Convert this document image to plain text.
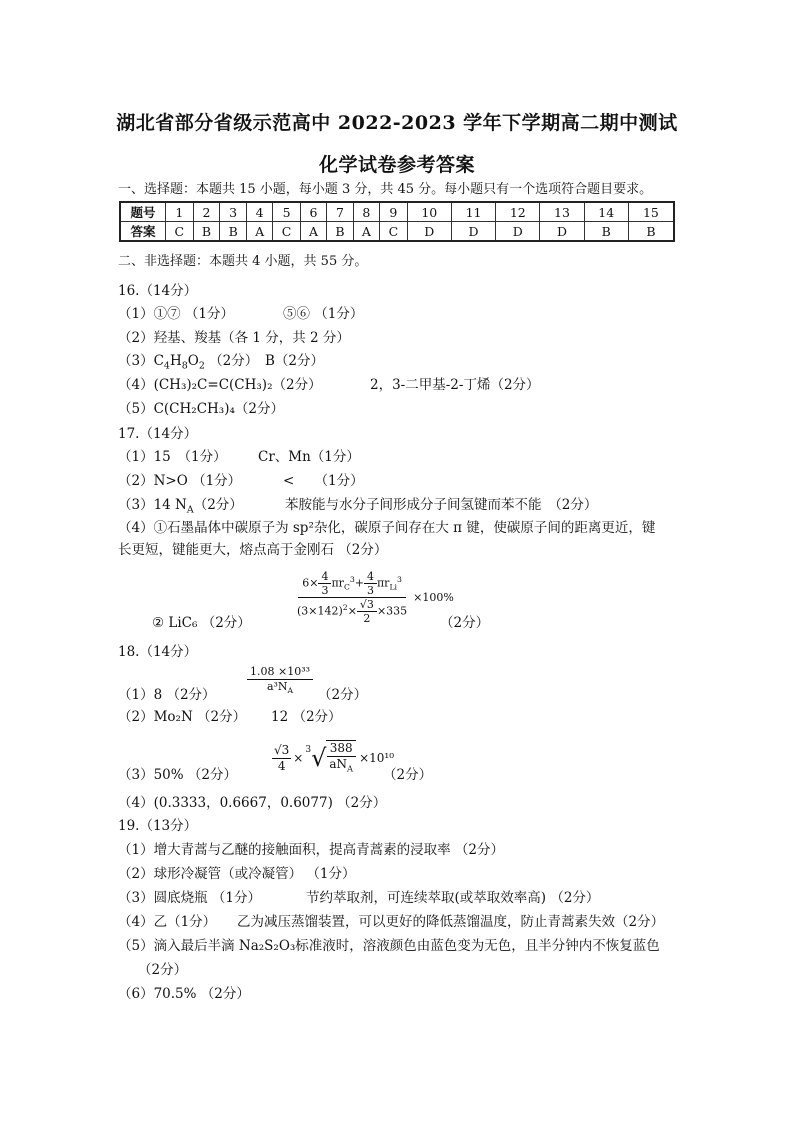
湖北省部分省级示范高中 2022-2023 学年下学期高二期中测试
化学试卷参考答案
一、选择题：本题共 15 小题，每小题 3 分，共 45 分。每小题只有一个选项符合题目要求。
题号	1	2	3	4	5	6	7	8	9	10	11	12	13	14	15
答案	C	B	B	A	C	A	B	A	C	D	D	D	D	B	B
二、非选择题：本题共 4 小题，共 55 分。
16.（14分）
（1）①⑦ （1分）	⑤⑥ （1分）
（2）羟基、羧基（各 1 分，共 2 分）
$(3)C_4H_8O_2$ （2分）　B（2分）
（4）(CH₃)₂C=C(CH₃)₂（2分）	2，3-二甲基-2-丁烯（2分）
（5）C(CH₂CH₃)₄（2分）
17.（14分）
（1）15　（1分） Cr、Mn（1分）
（2）N>O （1分）	<　　（1分）
（3）14 $N_A(2$分）	苯胺能与水分子间形成分子间氢键而苯不能　（2分）
（4）①石墨晶体中碳原子为 sp²杂化，碳原子间存在大 π 键，使碳原子间的距离更近，键
长更短，键能更大，熔点高于金刚石 （2分）
$6\times \frac{4}{3} \pi r_C^3+ \frac{4}{3} \pi r_{Li}^3$
$(3\times 142)^2\times \frac{√3}{2} \times 335$
×100%
② LiC₆ （2分）	（2分）
18.（14分）
（1）8 （2分）	$\frac{\text{1.08 ×10³³}}{a^3N_A} (2$分）
（2）Mo₂N （2分） 12 （2分）
（3）50% （2分）
$\frac{√3}{4}$ ×
3 √ 388
$aN_A$
×10¹⁰
（2分）
（4）(0.3333，0.6667，0.6077) （2分）
19.（13分）
（1）增大青蒿与乙醚的接触面积，提高青蒿素的浸取率 （2分）
（2）球形冷凝管（或冷凝管） （1分）
（3）圆底烧瓶 （1分）	节约萃取剂，可连续萃取(或萃取效率高) （2分）
（4）乙（1分） 乙为减压蒸馏装置，可以更好的降低蒸馏温度，防止青蒿素失效（2分）
（5）滴入最后半滴 Na₂S₂O₃标准液时，溶液颜色由蓝色变为无色，且半分钟内不恢复蓝色
（2分）
（6）70.5% （2分）
